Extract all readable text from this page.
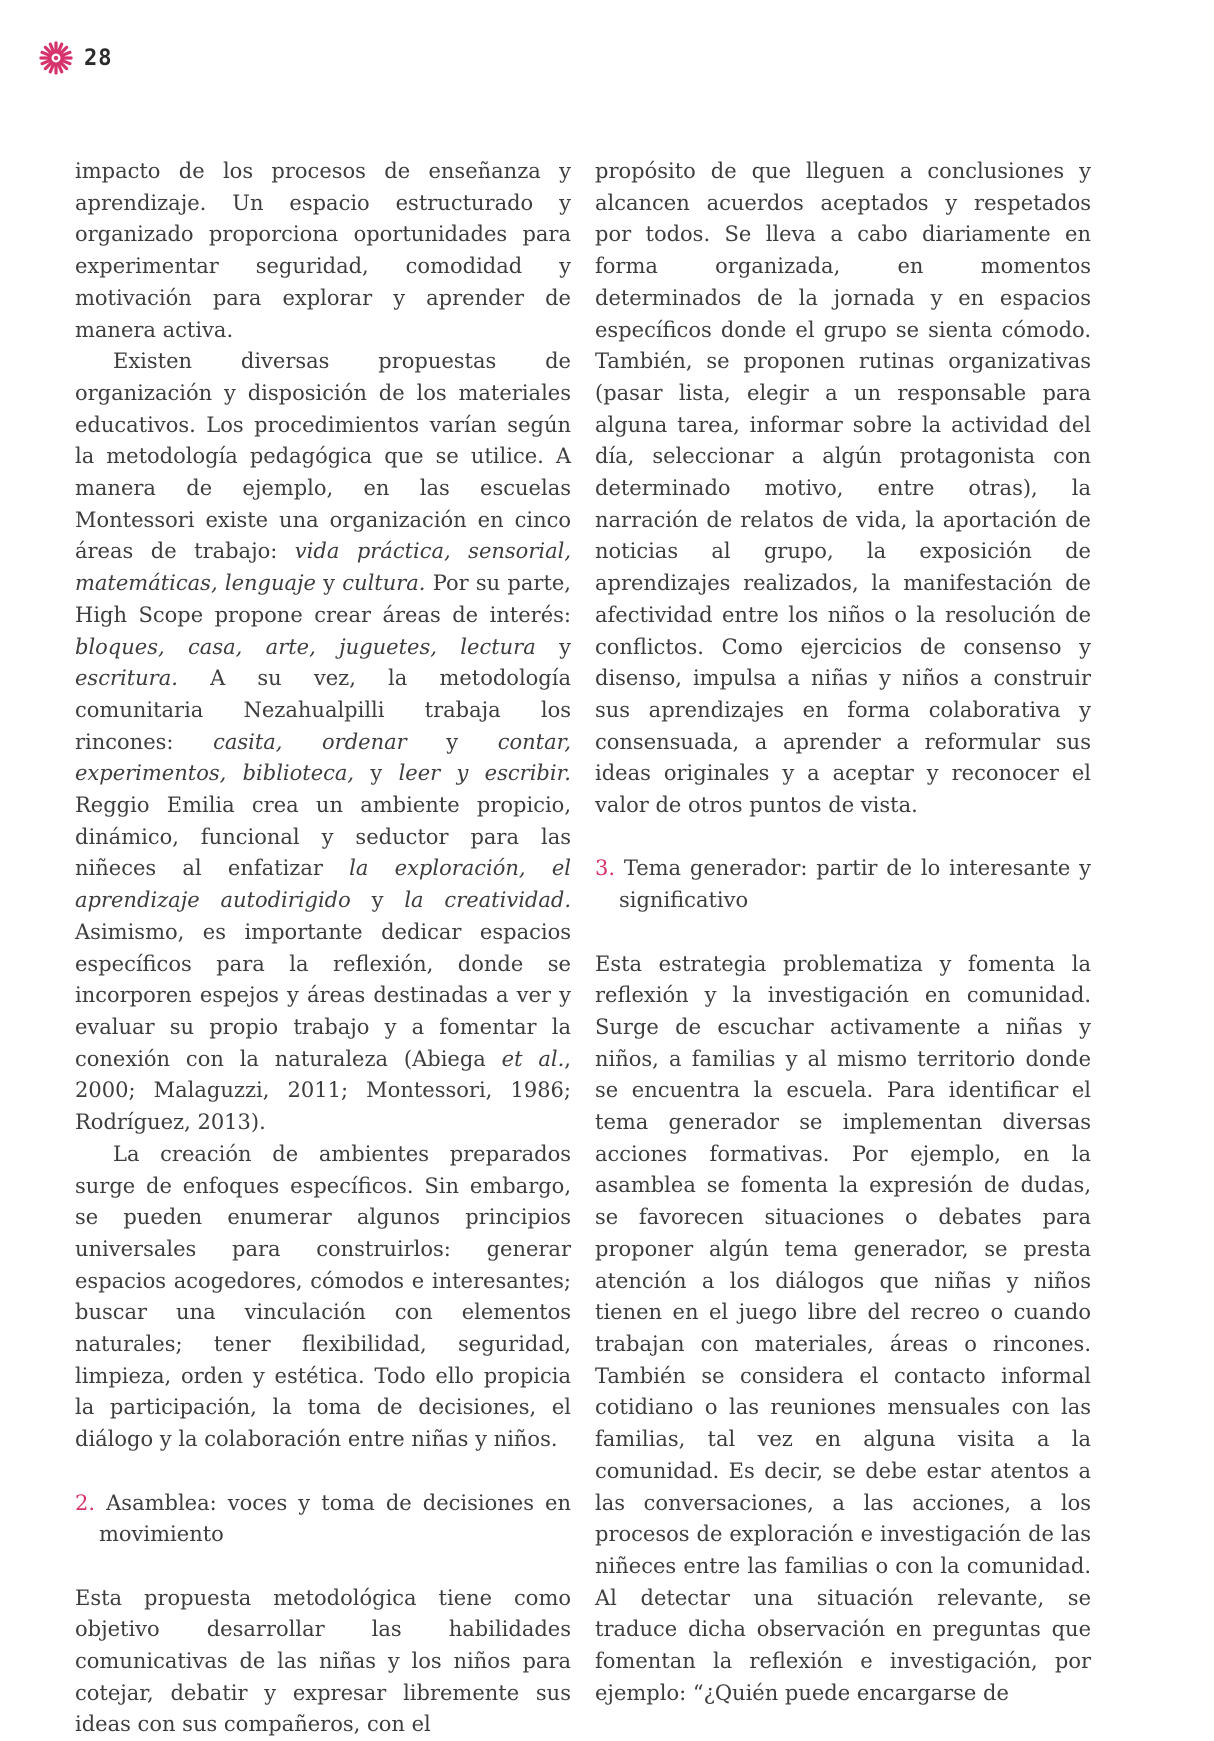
28

impacto de los procesos de enseñanza y aprendizaje. Un espacio estructurado y organizado proporciona oportunidades para experimentar seguridad, comodidad y motivación para explorar y aprender de manera activa.

Existen diversas propuestas de organización y disposición de los materiales educativos. Los procedimientos varían según la metodología pedagógica que se utilice. A manera de ejemplo, en las escuelas Montessori existe una organización en cinco áreas de trabajo: vida práctica, sensorial, matemáticas, lenguaje y cultura. Por su parte, High Scope propone crear áreas de interés: bloques, casa, arte, juguetes, lectura y escritura. A su vez, la metodología comunitaria Nezahualpilli trabaja los rincones: casita, ordenar y contar, experimentos, biblioteca, y leer y escribir. Reggio Emilia crea un ambiente propicio, dinámico, funcional y seductor para las niñeces al enfatizar la exploración, el aprendizaje autodirigido y la creatividad. Asimismo, es importante dedicar espacios específicos para la reflexión, donde se incorporen espejos y áreas destinadas a ver y evaluar su propio trabajo y a fomentar la conexión con la naturaleza (Abiega et al., 2000; Malaguzzi, 2011; Montessori, 1986; Rodríguez, 2013).

La creación de ambientes preparados surge de enfoques específicos. Sin embargo, se pueden enumerar algunos principios universales para construirlos: generar espacios acogedores, cómodos e interesantes; buscar una vinculación con elementos naturales; tener flexibilidad, seguridad, limpieza, orden y estética. Todo ello propicia la participación, la toma de decisiones, el diálogo y la colaboración entre niñas y niños.

2. Asamblea: voces y toma de decisiones en movimiento

Esta propuesta metodológica tiene como objetivo desarrollar las habilidades comunicativas de las niñas y los niños para cotejar, debatir y expresar libremente sus ideas con sus compañeros, con el

propósito de que lleguen a conclusiones y alcancen acuerdos aceptados y respetados por todos. Se lleva a cabo diariamente en forma organizada, en momentos determinados de la jornada y en espacios específicos donde el grupo se sienta cómodo. También, se proponen rutinas organizativas (pasar lista, elegir a un responsable para alguna tarea, informar sobre la actividad del día, seleccionar a algún protagonista con determinado motivo, entre otras), la narración de relatos de vida, la aportación de noticias al grupo, la exposición de aprendizajes realizados, la manifestación de afectividad entre los niños o la resolución de conflictos. Como ejercicios de consenso y disenso, impulsa a niñas y niños a construir sus aprendizajes en forma colaborativa y consensuada, a aprender a reformular sus ideas originales y a aceptar y reconocer el valor de otros puntos de vista.

3. Tema generador: partir de lo interesante y significativo

Esta estrategia problematiza y fomenta la reflexión y la investigación en comunidad. Surge de escuchar activamente a niñas y niños, a familias y al mismo territorio donde se encuentra la escuela. Para identificar el tema generador se implementan diversas acciones formativas. Por ejemplo, en la asamblea se fomenta la expresión de dudas, se favorecen situaciones o debates para proponer algún tema generador, se presta atención a los diálogos que niñas y niños tienen en el juego libre del recreo o cuando trabajan con materiales, áreas o rincones. También se considera el contacto informal cotidiano o las reuniones mensuales con las familias, tal vez en alguna visita a la comunidad. Es decir, se debe estar atentos a las conversaciones, a las acciones, a los procesos de exploración e investigación de las niñeces entre las familias o con la comunidad. Al detectar una situación relevante, se traduce dicha observación en preguntas que fomentan la reflexión e investigación, por ejemplo: “¿Quién puede encargarse de
